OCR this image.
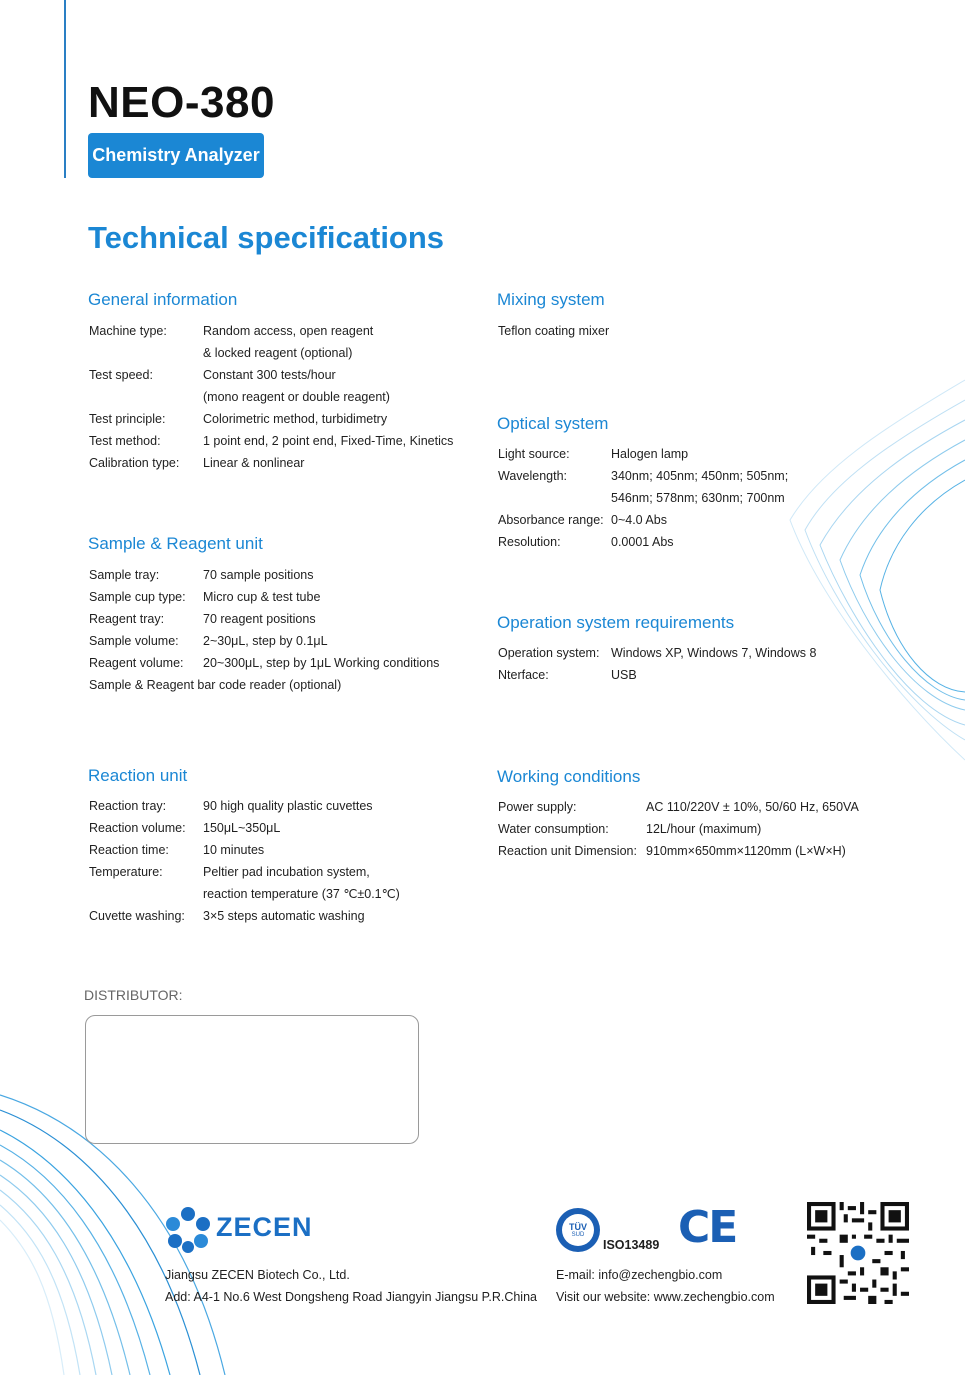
NEO-380
Chemistry Analyzer
Technical specifications
General information
Machine type:	Random access, open reagent
& locked reagent (optional)
Test speed:	Constant 300 tests/hour
(mono reagent or double reagent)
Test principle:	Colorimetric method, turbidimetry
Test method:	1 point end, 2 point end, Fixed-Time, Kinetics
Calibration type: Linear & nonlinear
Sample & Reagent unit
Sample tray:	70 sample positions
Sample cup type: Micro cup & test tube
Reagent tray:	70 reagent positions
Sample volume: 2~30μL, step by 0.1μL
Reagent volume: 20~300μL, step by 1μL Working conditions
Sample & Reagent bar code reader (optional)
Reaction unit
Reaction tray:	90 high quality plastic cuvettes
Reaction volume: 150μL~350μL
Reaction time:	10 minutes
Temperature:	Peltier pad incubation system,
reaction temperature (37 ℃±0.1℃)
Cuvette washing: 3×5 steps automatic washing
Mixing system
Teflon coating mixer
Optical system
Light source:	Halogen lamp
Wavelength:	340nm; 405nm; 450nm; 505nm;
546nm; 578nm; 630nm; 700nm
Absorbance range: 0~4.0 Abs
Resolution:	0.0001 Abs
Operation system requirements
Operation system: Windows XP, Windows 7, Windows 8
Nterface:	USB
Working conditions
Power supply:	AC 110/220V ± 10%, 50/60 Hz, 650VA
Water consumption:	12L/hour (maximum)
Reaction unit Dimension: 910mm×650mm×1120mm (L×W×H)
DISTRIBUTOR:
ZECEN
Jiangsu ZECEN Biotech Co., Ltd.
Add: A4-1 No.6 West Dongsheng Road Jiangyin Jiangsu P.R.China
TÜV
SUD
ISO13489 CE
E-mail: info@zechengbio.com
Visit our website: www.zechengbio.com
